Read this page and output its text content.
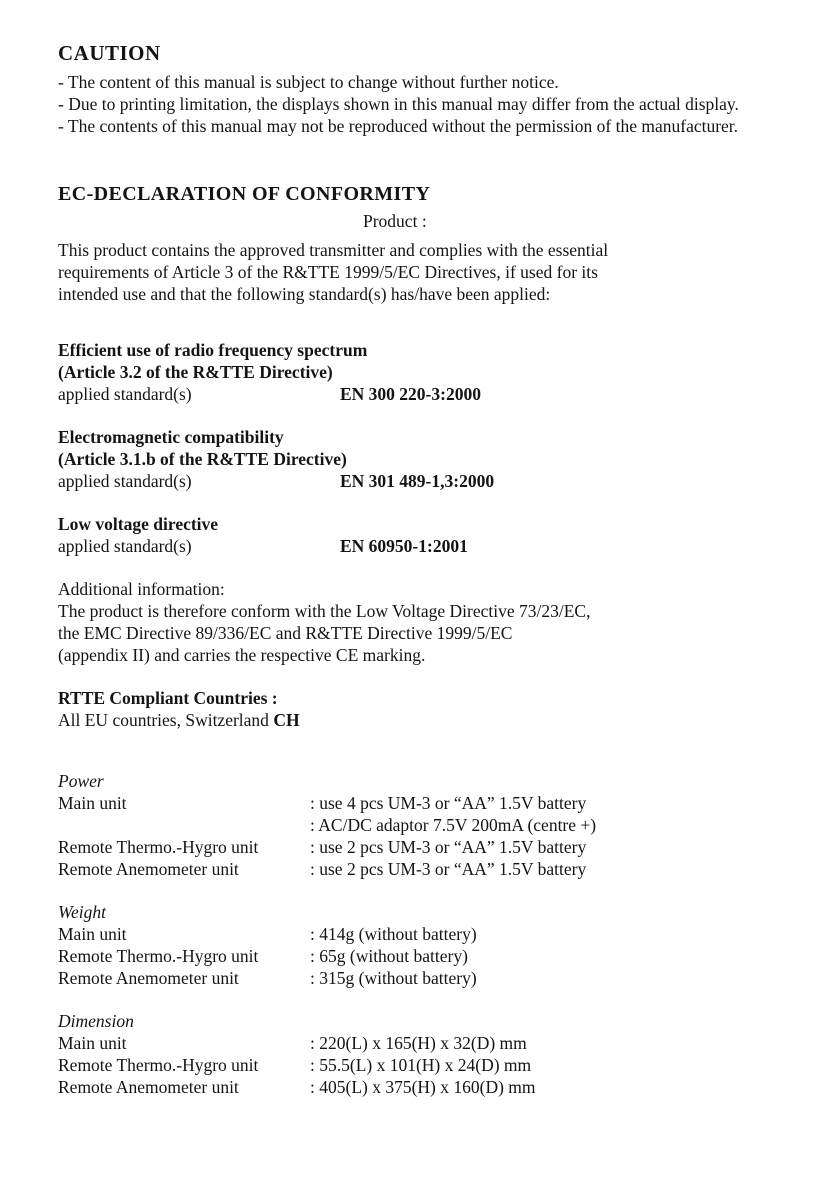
CAUTION

- The content of this manual is subject to change without further notice.

- Due to printing limitation, the displays shown in this manual may differ from the actual display.

- The contents of this manual may not be reproduced without the permission of the manufacturer.

EC-DECLARATION OF CONFORMITY

Product :

This product contains the approved transmitter and complies with the essential

requirements of Article 3 of the R&TTE 1999/5/EC Directives, if used for its

intended use and that the following standard(s) has/have been applied:

Efficient use of radio frequency spectrum

(Article 3.2 of the R&TTE Directive)

applied standard(s)	EN 300 220-3:2000

Electromagnetic compatibility

(Article 3.1.b of the R&TTE Directive)

applied standard(s)	EN 301 489-1,3:2000

Low voltage directive

applied standard(s)	EN 60950-1:2001

Additional information:

The product is therefore conform with the Low Voltage Directive 73/23/EC,

the EMC Directive 89/336/EC and R&TTE Directive 1999/5/EC

(appendix II) and carries the respective CE marking.

RTTE Compliant Countries :

All EU countries, Switzerland CH

Power

Main unit	: use 4 pcs UM-3 or “AA” 1.5V battery
: AC/DC adaptor 7.5V 200mA (centre +)
Remote Thermo.-Hygro unit	: use 2 pcs UM-3 or “AA” 1.5V battery
Remote Anemometer unit	: use 2 pcs UM-3 or “AA” 1.5V battery

Weight

Main unit	: 414g (without battery)
Remote Thermo.-Hygro unit	: 65g (without battery)
Remote Anemometer unit	: 315g (without battery)

Dimension

Main unit	: 220(L) x 165(H) x 32(D) mm
Remote Thermo.-Hygro unit	: 55.5(L) x 101(H) x 24(D) mm
Remote Anemometer unit	: 405(L) x 375(H) x 160(D) mm
